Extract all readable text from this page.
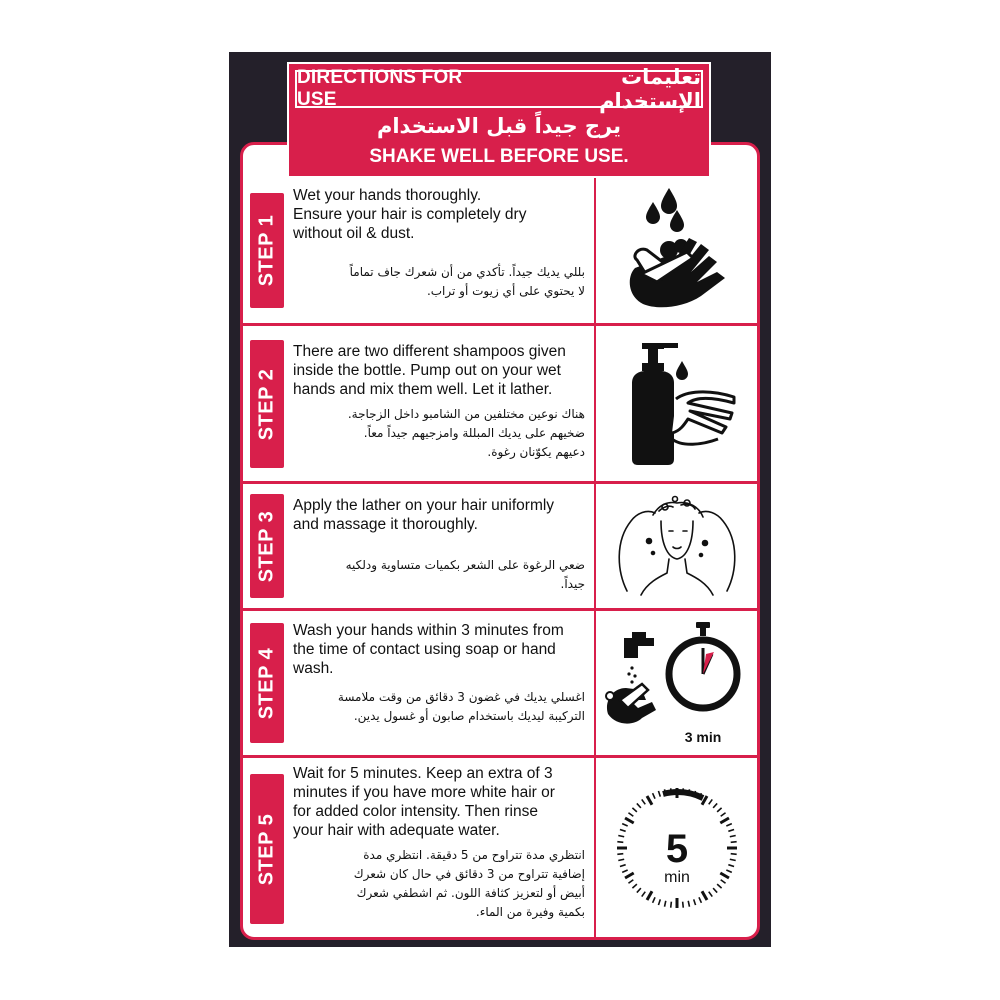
DIRECTIONS FOR USE
تعليمات الإستخدام
يرج جيداً قبل الاستخدام
SHAKE WELL BEFORE USE.
STEP 1
Wet your hands thoroughly.
Ensure your hair is completely dry
without oil & dust.
بللي يديك جيداً. تأكدي من أن شعرك جاف تماماً
لا يحتوي على أي زيوت أو تراب.
STEP 2
There are two different shampoos given
inside the bottle. Pump out on your wet
hands and mix them well. Let it lather.
هناك نوعين مختلفين من الشامبو داخل الزجاجة.
ضخيهم على يديك المبللة وامزجيهم جيداً معاً.
دعيهم يكوّنان رغوة.
STEP 3
Apply the lather on your hair uniformly
and massage it thoroughly.
ضعي الرغوة على الشعر بكميات متساوية ودلكيه
جيداً.
STEP 4
Wash your hands within 3 minutes from
the time of contact using soap or hand
wash.
اغسلي يديك في غضون 3 دقائق من وقت ملامسة
التركيبة ليديك باستخدام صابون أو غسول يدين.
3 min
STEP 5
Wait for 5 minutes. Keep an extra of 3
minutes if you have more white hair or
for added color intensity. Then rinse
your hair with adequate water.
انتظري مدة تتراوح من 5 دقيقة. انتظري مدة
إضافية تتراوح من 3 دقائق في حال كان شعرك
أبيض أو لتعزيز كثافة اللون. ثم اشطفي شعرك
بكمية وفيرة من الماء.
5
min
